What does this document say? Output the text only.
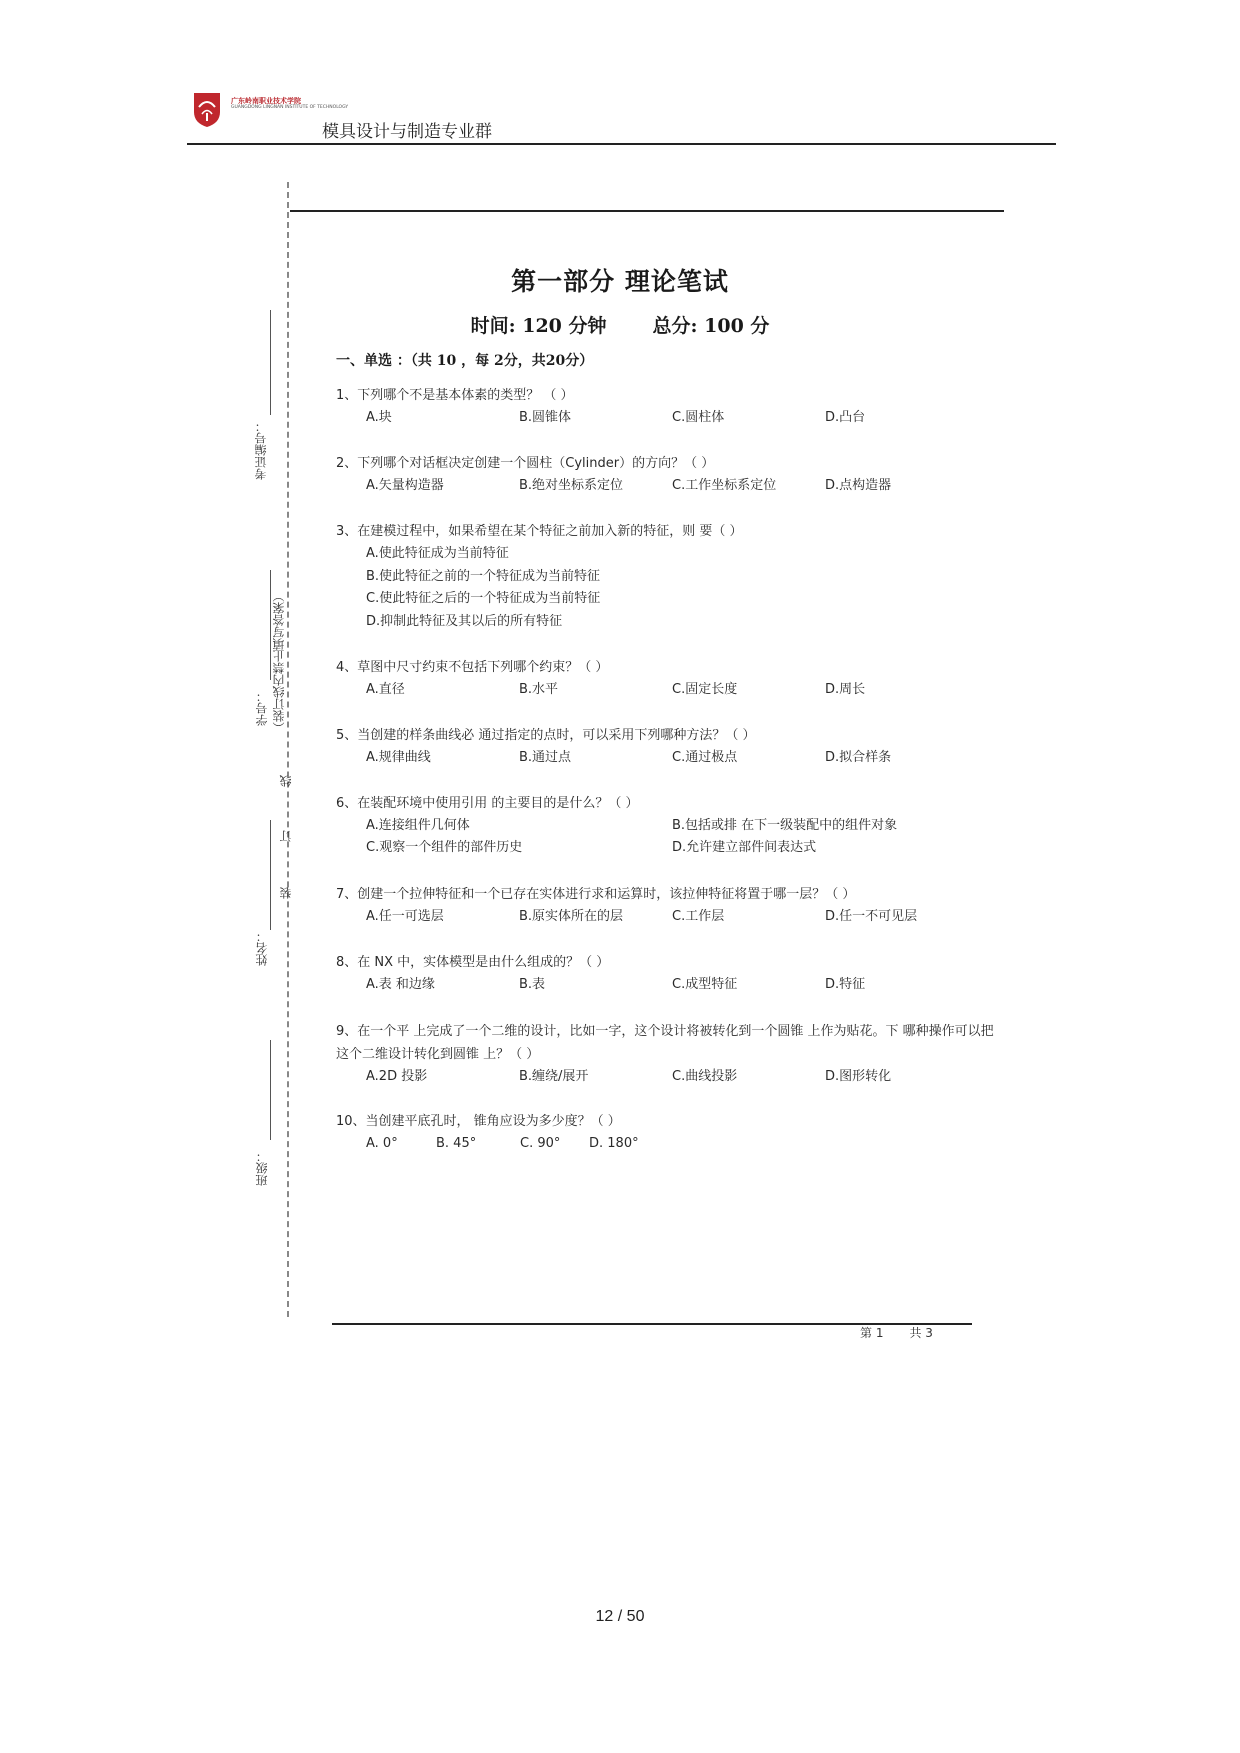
广东岭南职业技术学院
GUANGDONG LINGNAN INSTITUTE OF TECHNOLOGY
模具设计与制造专业群
考证编号：
学号： （装订线内禁止填写答案）
线
订
装
姓名：
班级：
第一部分 理论笔试
时间: 120 分钟 总分: 100 分
一、单选 ：（共 10 ，每 2分，共20分）
1、下列哪个不是基本体素的类型？ （ ）
A.块	B.圆锥体	C.圆柱体	D.凸台
2、下列哪个对话框决定创建一个圆柱（Cylinder）的方向？（ ）
A.矢量构造器	B.绝对坐标系定位	C.工作坐标系定位	D.点构造器
3、在建模过程中，如果希望在某个特征之前加入新的特征，则 要（ ）
A.使此特征成为当前特征
B.使此特征之前的一个特征成为当前特征
C.使此特征之后的一个特征成为当前特征
D.抑制此特征及其以后的所有特征
4、草图中尺寸约束不包括下列哪个约束？（ ）
A.直径	B.水平	C.固定长度	D.周长
5、当创建的样条曲线必 通过指定的点时，可以采用下列哪种方法？（ ）
A.规律曲线	B.通过点	C.通过极点	D.拟合样条
6、在装配环境中使用引用 的主要目的是什么？（ ）
A.连接组件几何体	B.包括或排 在下一级装配中的组件对象
C.观察一个组件的部件历史	D.允许建立部件间表达式
7、创建一个拉伸特征和一个已存在实体进行求和运算时，该拉伸特征将置于哪一层？（ ）
A.任一可选层	B.原实体所在的层	C.工作层	D.任一不可见层
8、在 NX 中，实体模型是由什么组成的？（ ）
A.表 和边缘	B.表	C.成型特征	D.特征
9、在一个平 上完成了一个二维的设计，比如一字，这个设计将被转化到一个圆锥 上作为贴花。下 哪种操作可以把这个二维设计转化到圆锥 上？（ ）
A.2D 投影	B.缠绕/展开	C.曲线投影	D.图形转化
10、当创建平底孔时， 锥角应设为多少度？（ ）
A. 0°	B. 45°	C. 90° D. 180°
第 1 共 3
12 / 50
